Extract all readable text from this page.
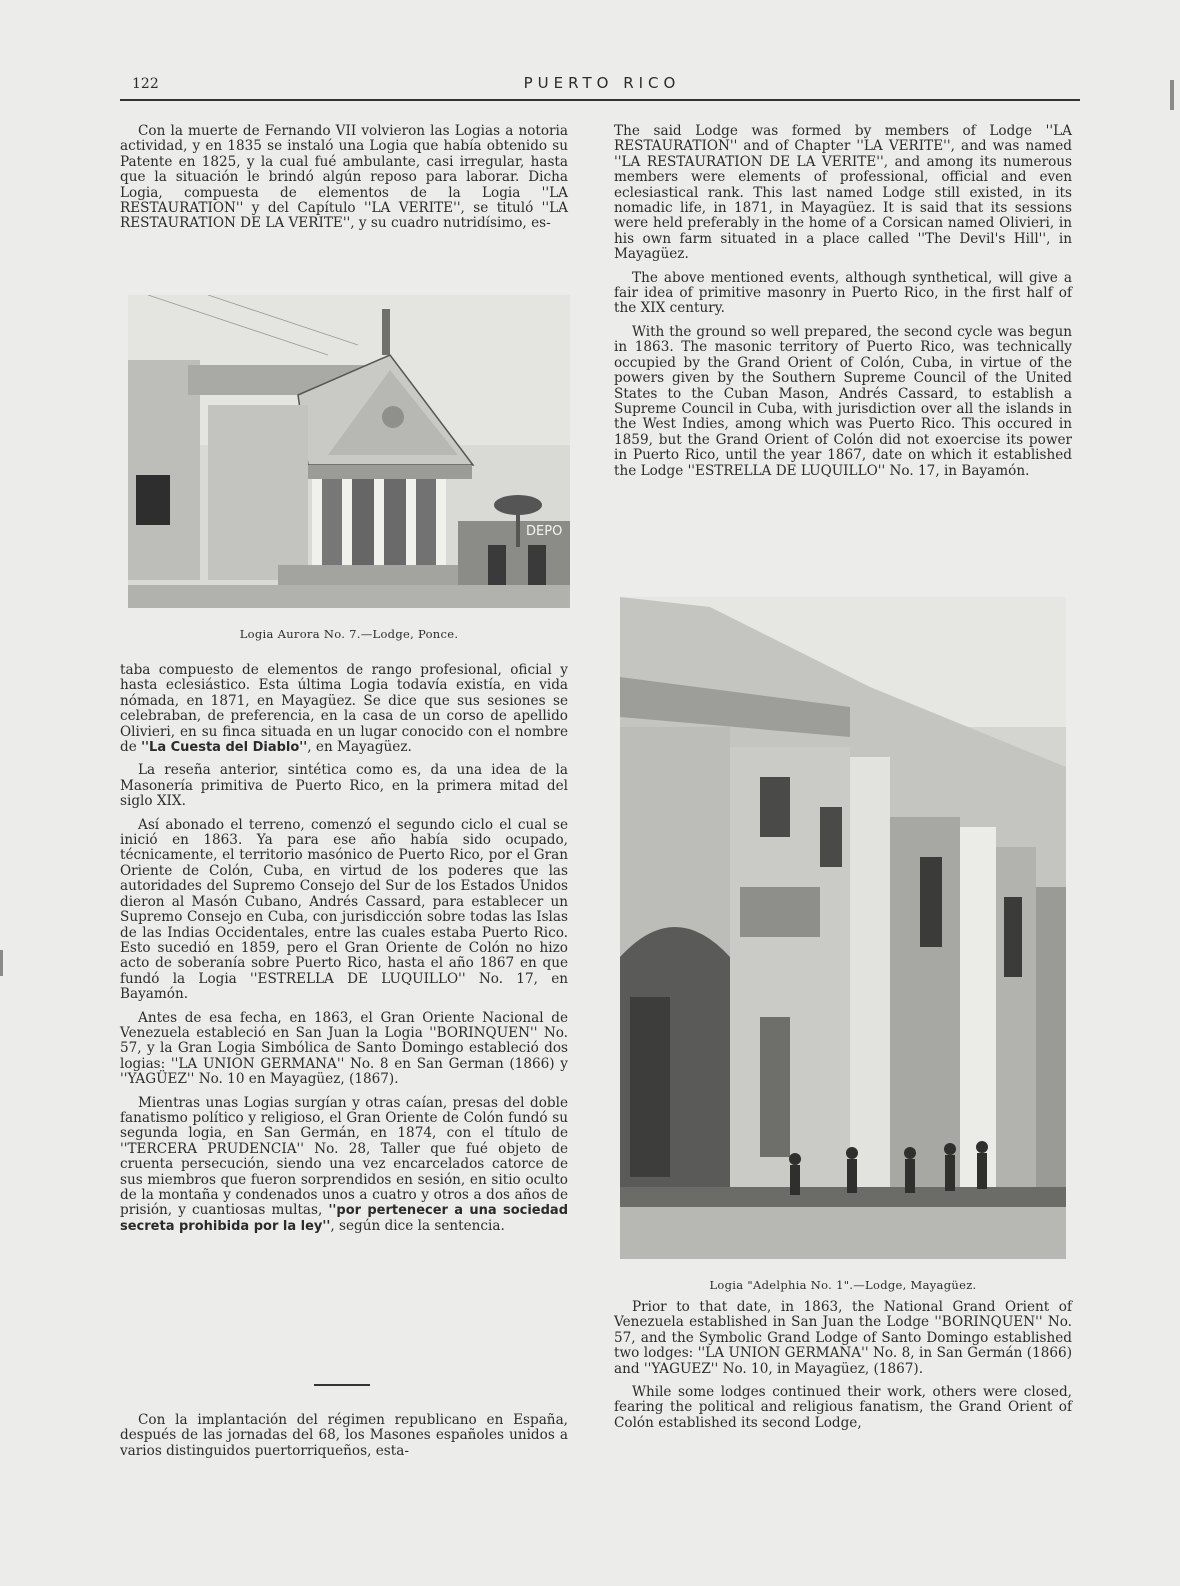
122	PUERTO RICO

Con la muerte de Fernando VII volvieron las Logias a notoria actividad, y en 1835 se instaló una Logia que había obtenido su Patente en 1825, y la cual fué ambulante, casi irregular, hasta que la situación le brindó algún reposo para laborar. Dicha Logia, compuesta de elementos de la Logia ''LA RESTAURATION'' y del Capítulo ''LA VERITE'', se tituló ''LA RESTAURATION DE LA VERITE'', y su cuadro nutridísimo, es-

DEPO
Logia Aurora No. 7.—Lodge, Ponce.

taba compuesto de elementos de rango profesional, oficial y hasta eclesiástico. Esta última Logia todavía existía, en vida nómada, en 1871, en Mayagüez. Se dice que sus sesiones se celebraban, de preferencia, en la casa de un corso de apellido Olivieri, en su finca situada en un lugar conocido con el nombre de ''La Cuesta del Diablo'', en Mayagüez.

La reseña anterior, sintética como es, da una idea de la Masonería primitiva de Puerto Rico, en la primera mitad del siglo XIX.

Así abonado el terreno, comenzó el segundo ciclo el cual se inició en 1863. Ya para ese año había sido ocupado, técnicamente, el territorio masónico de Puerto Rico, por el Gran Oriente de Colón, Cuba, en virtud de los poderes que las autoridades del Supremo Consejo del Sur de los Estados Unidos dieron al Masón Cubano, Andrés Cassard, para establecer un Supremo Consejo en Cuba, con jurisdicción sobre todas las Islas de las Indias Occidentales, entre las cuales estaba Puerto Rico. Esto sucedió en 1859, pero el Gran Oriente de Colón no hizo acto de soberanía sobre Puerto Rico, hasta el año 1867 en que fundó la Logia ''ESTRELLA DE LUQUILLO'' No. 17, en Bayamón.

Antes de esa fecha, en 1863, el Gran Oriente Nacional de Venezuela estableció en San Juan la Logia ''BORINQUEN'' No. 57, y la Gran Logia Simbólica de Santo Domingo estableció dos logias: ''LA UNION GERMANA'' No. 8 en San German (1866) y ''YAGÜEZ'' No. 10 en Mayagüez, (1867).

Mientras unas Logias surgían y otras caían, presas del doble fanatismo político y religioso, el Gran Oriente de Colón fundó su segunda logia, en San Germán, en 1874, con el título de ''TERCERA PRUDENCIA'' No. 28, Taller que fué objeto de cruenta persecución, siendo una vez encarcelados catorce de sus miembros que fueron sorprendidos en sesión, en sitio oculto de la montaña y condenados unos a cuatro y otros a dos años de prisión, y cuantiosas multas, ''por pertenecer a una sociedad secreta prohibida por la ley'', según dice la sentencia.

Con la implantación del régimen republicano en España, después de las jornadas del 68, los Masones españoles unidos a varios distinguidos puertorriqueños, esta-

The said Lodge was formed by members of Lodge ''LA RESTAURATION'' and of Chapter ''LA VERITE'', and was named ''LA RESTAURATION DE LA VERITE'', and among its numerous members were elements of professional, official and even eclesiastical rank. This last named Lodge still existed, in its nomadic life, in 1871, in Mayagüez. It is said that its sessions were held preferably in the home of a Corsican named Olivieri, in his own farm situated in a place called ''The Devil's Hill'', in Mayagüez.

The above mentioned events, although synthetical, will give a fair idea of primitive masonry in Puerto Rico, in the first half of the XIX century.

With the ground so well prepared, the second cycle was begun in 1863. The masonic territory of Puerto Rico, was technically occupied by the Grand Orient of Colón, Cuba, in virtue of the powers given by the Southern Supreme Council of the United States to the Cuban Mason, Andrés Cassard, to establish a Supreme Council in Cuba, with jurisdiction over all the islands in the West Indies, among which was Puerto Rico. This occured in 1859, but the Grand Orient of Colón did not exoercise its power in Puerto Rico, until the year 1867, date on which it established the Lodge ''ESTRELLA DE LUQUILLO'' No. 17, in Bayamón.

Logia "Adelphia No. 1".—Lodge, Mayagüez.

Prior to that date, in 1863, the National Grand Orient of Venezuela established in San Juan the Lodge ''BORINQUEN'' No. 57, and the Symbolic Grand Lodge of Santo Domingo established two lodges: ''LA UNION GERMANA'' No. 8, in San Germán (1866) and ''YAGUEZ'' No. 10, in Mayagüez, (1867).

While some lodges continued their work, others were closed, fearing the political and religious fanatism, the Grand Orient of Colón established its second Lodge,
